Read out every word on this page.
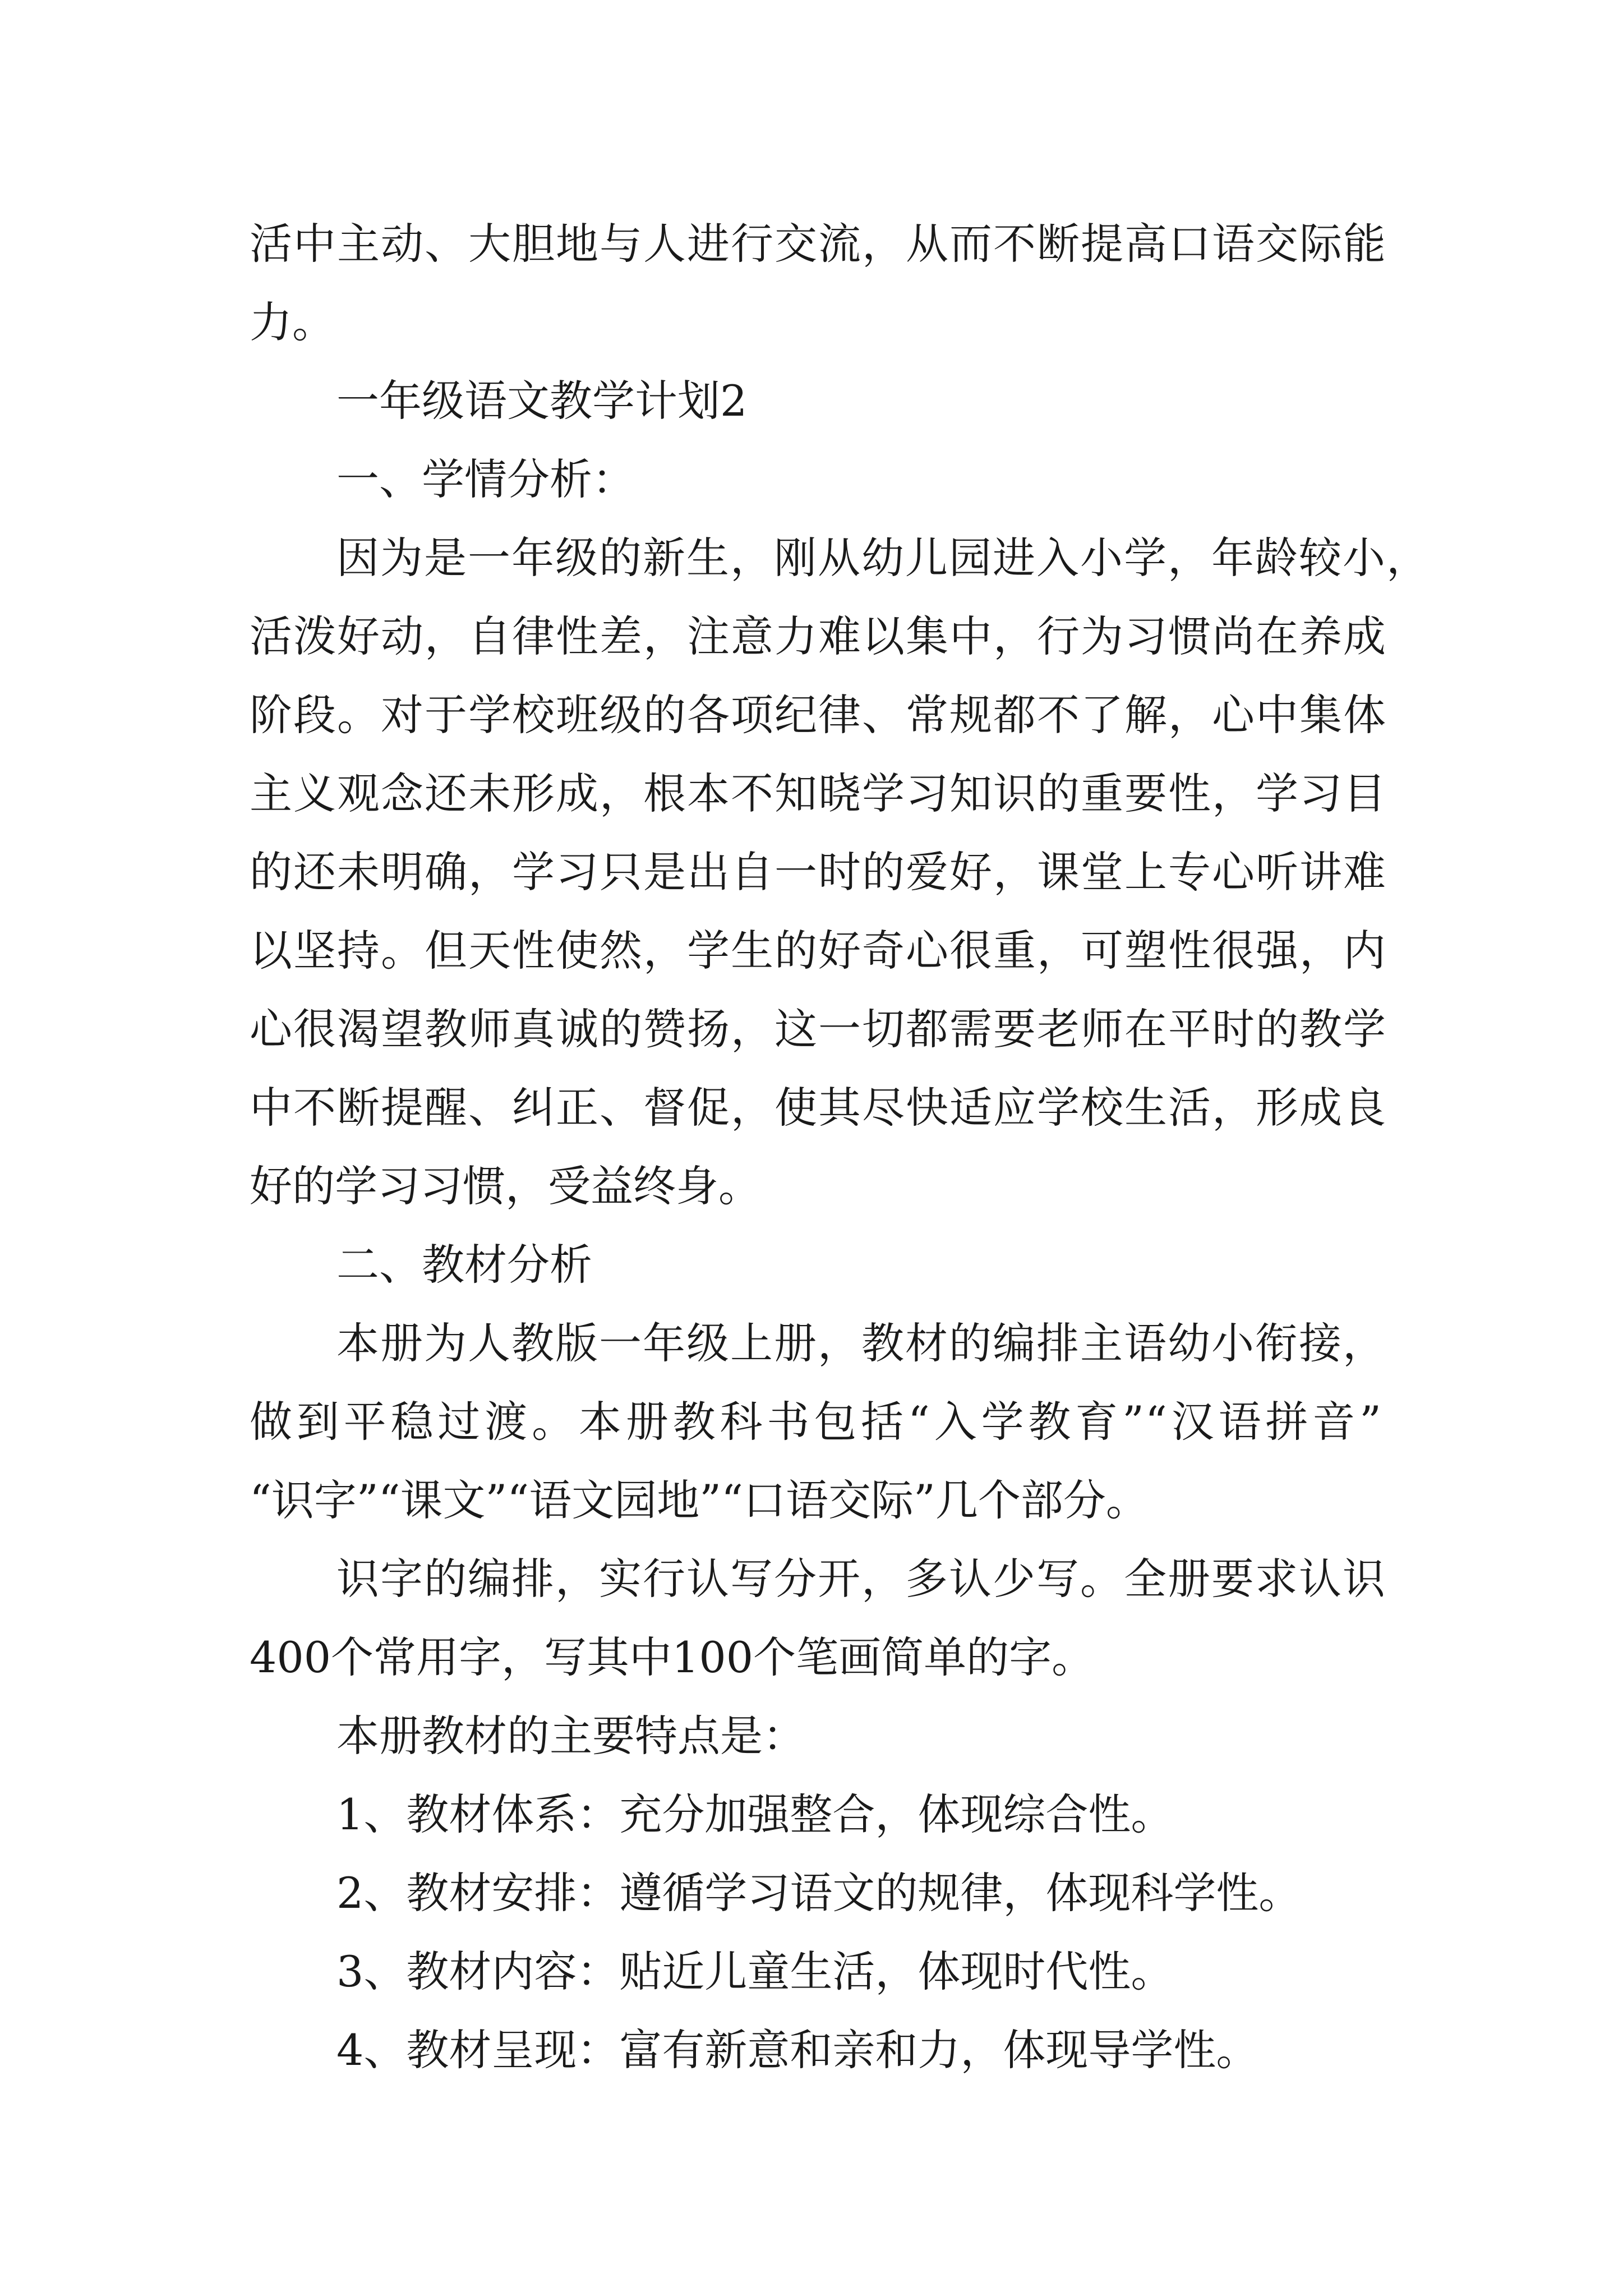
活中主动、大胆地与人进行交流，从而不断提高口语交际能
力。
一年级语文教学计划2
一、学情分析：
因为是一年级的新生，刚从幼儿园进入小学，年龄较小，
活泼好动，自律性差，注意力难以集中，行为习惯尚在养成
阶段。对于学校班级的各项纪律、常规都不了解，心中集体
主义观念还未形成，根本不知晓学习知识的重要性，学习目
的还未明确，学习只是出自一时的爱好，课堂上专心听讲难
以坚持。但天性使然，学生的好奇心很重，可塑性很强，内
心很渴望教师真诚的赞扬，这一切都需要老师在平时的教学
中不断提醒、纠正、督促，使其尽快适应学校生活，形成良
好的学习习惯，受益终身。
二、教材分析
本册为人教版一年级上册，教材的编排主语幼小衔接，
做到平稳过渡。本册教科书包括“入学教育”“汉语拼音”
“识字”“课文”“语文园地”“口语交际”几个部分。
识字的编排，实行认写分开，多认少写。全册要求认识
400个常用字，写其中100个笔画简单的字。
本册教材的主要特点是：
1、教材体系：充分加强整合，体现综合性。
2、教材安排：遵循学习语文的规律，体现科学性。
3、教材内容：贴近儿童生活，体现时代性。
4、教材呈现：富有新意和亲和力，体现导学性。
